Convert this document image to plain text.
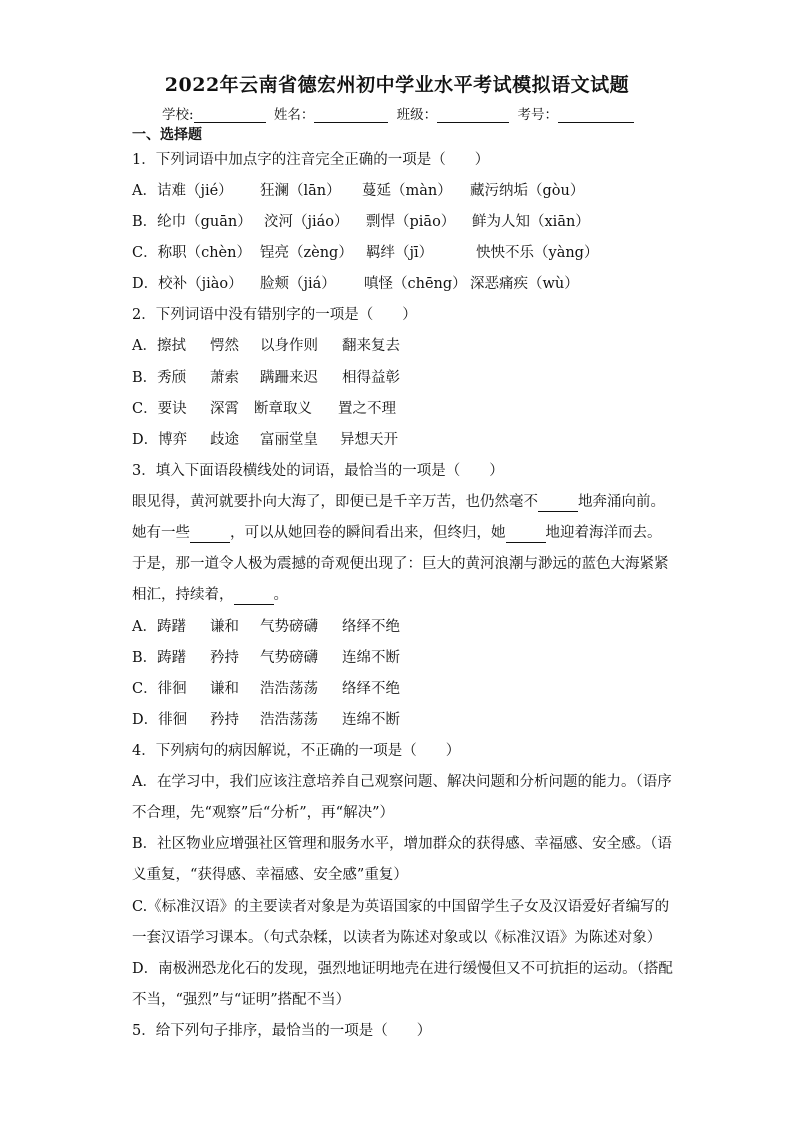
2022年云南省德宏州初中学业水平考试模拟语文试题
学校:	姓名：	班级：	考号：
一、选择题
1．下列词语中加点字的注音完全正确的一项是（　　）
A．诘难（jié） 狂澜（lān） 蔓延（màn） 藏污纳垢（gòu）
B．纶巾（guān） 洨河（jiáo） 剽悍（piāo） 鲜为人知（xiān）
C．称职（chèn） 锃亮（zèng） 羁绊（jī）	怏怏不乐（yàng）
D．校补（jiào） 脸颊（jiá） 嗔怪（chēng） 深恶痛疾（wù）
2．下列词语中没有错别字的一项是（　　）
A．擦拭 愕然 以身作则 翻来复去
B．秀颀 萧索 蹒跚来迟 相得益彰
C．要诀 深霄 断章取义 置之不理
D．博弈 歧途 富丽堂皇 异想天开
3．填入下面语段横线处的词语，最恰当的一项是（　　）
眼见得，黄河就要扑向大海了，即便已是千辛万苦，也仍然毫不	地奔涌向前。
她有一些	，可以从她回卷的瞬间看出来，但终归，她	地迎着海洋而去。
于是，那一道令人极为震撼的奇观便出现了：巨大的黄河浪潮与渺远的蓝色大海紧紧
相汇，持续着，	。
A．踌躇 谦和 气势磅礴 络绎不绝
B．踌躇 矜持 气势磅礴 连绵不断
C．徘徊 谦和 浩浩荡荡 络绎不绝
D．徘徊 矜持 浩浩荡荡 连绵不断
4．下列病句的病因解说，不正确的一项是（　　）
A．在学习中，我们应该注意培养自己观察问题、解决问题和分析问题的能力。（语序
不合理，先“观察”后“分析”，再“解决”）
B．社区物业应增强社区管理和服务水平，增加群众的获得感、幸福感、安全感。（语
义重复，“获得感、幸福感、安全感”重复）
C.《标准汉语》的主要读者对象是为英语国家的中国留学生子女及汉语爱好者编写的
一套汉语学习课本。（句式杂糅，以读者为陈述对象或以《标准汉语》为陈述对象）
D．南极洲恐龙化石的发现，强烈地证明地壳在进行缓慢但又不可抗拒的运动。（搭配
不当，“强烈”与“证明”搭配不当）
5．给下列句子排序，最恰当的一项是（　　）
